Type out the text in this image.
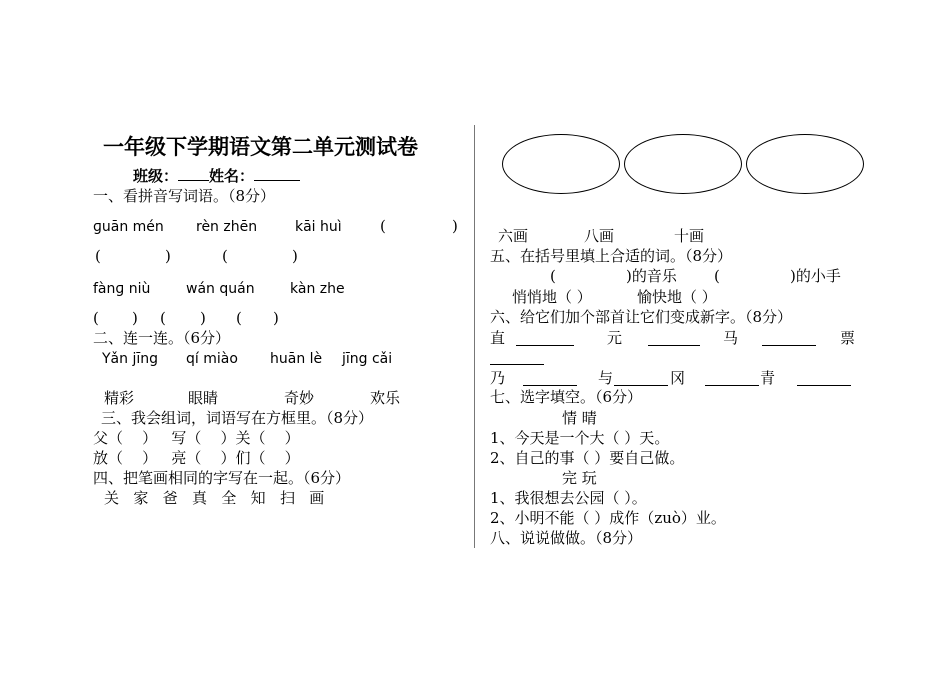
一年级下学期语文第二单元测试卷
班级： 姓名：
一、看拼音写词语。（8分）
ɡuān mén rèn zhēn	kāi huì	(	)
(	)	(	)
fànɡ niù	wán quán	kàn zhe
( ) ( ) ( )
二、连一连。（6分）
Yǎn jīng qí miào huān lè jīng cǎi
精彩	眼睛	奇妙	欢乐
三、我会组词，词语写在方框里。（8分）
父（    ） 写（    ）关（    ）
放（    ） 亮（    ）们（    ）
四、把笔画相同的字写在一起。（6分）
关 家 爸 真 全 知 扫 画
六画	八画	十画
五、在括号里填上合适的词。（8分）
(	)的音乐 (	)的小手
悄悄地（ ）	愉快地（ ）
六、给它们加个部首让它们变成新字。（8分）
直	元	马	票
乃	与	冈	青
七、选字填空。（6分）
情 晴
1、今天是一个大（ ）天。
2、自己的事（ ）要自己做。
完 玩
1、我很想去公园（ ）。
2、小明不能（ ）成作（zuò）业。
八、说说做做。（8分）
